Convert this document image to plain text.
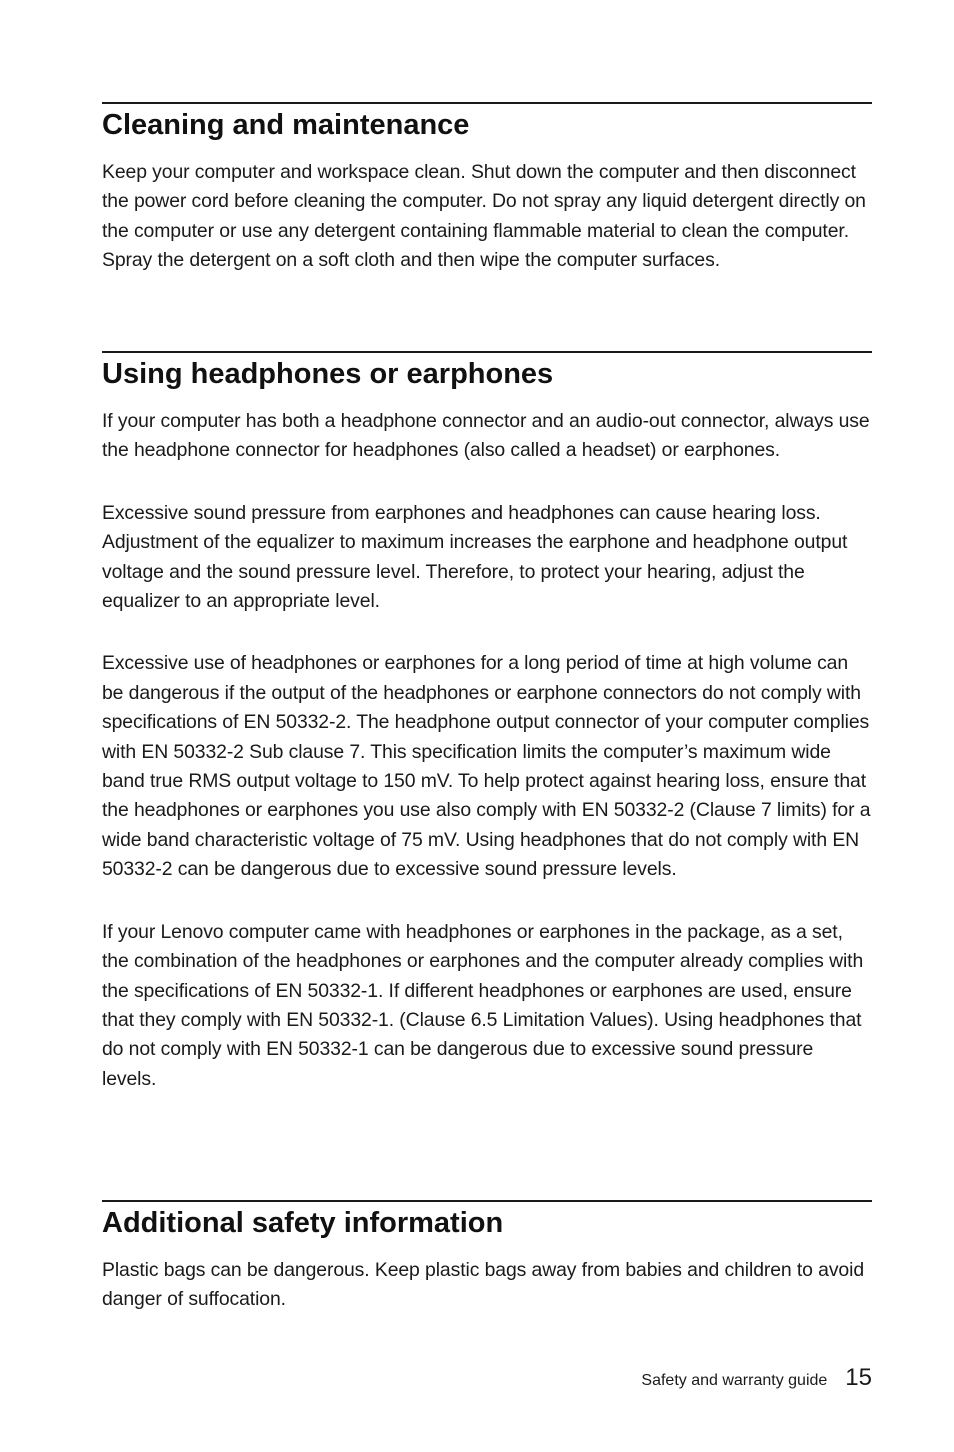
Cleaning and maintenance

Keep your computer and workspace clean. Shut down the computer and then disconnect the power cord before cleaning the computer. Do not spray any liquid detergent directly on the computer or use any detergent containing flammable material to clean the computer. Spray the detergent on a soft cloth and then wipe the computer surfaces.

Using headphones or earphones

If your computer has both a headphone connector and an audio-out connector, always use the headphone connector for headphones (also called a headset) or earphones.

Excessive sound pressure from earphones and headphones can cause hearing loss. Adjustment of the equalizer to maximum increases the earphone and headphone output voltage and the sound pressure level. Therefore, to protect your hearing, adjust the equalizer to an appropriate level.

Excessive use of headphones or earphones for a long period of time at high volume can be dangerous if the output of the headphones or earphone connectors do not comply with specifications of EN 50332-2. The headphone output connector of your computer complies with EN 50332-2 Sub clause 7. This specification limits the computer’s maximum wide band true RMS output voltage to 150 mV. To help protect against hearing loss, ensure that the headphones or earphones you use also comply with EN 50332-2 (Clause 7 limits) for a wide band characteristic voltage of 75 mV. Using headphones that do not comply with EN 50332-2 can be dangerous due to excessive sound pressure levels.

If your Lenovo computer came with headphones or earphones in the package, as a set, the combination of the headphones or earphones and the computer already complies with the specifications of EN 50332-1. If different headphones or earphones are used, ensure that they comply with EN 50332-1. (Clause 6.5 Limitation Values). Using headphones that do not comply with EN 50332-1 can be dangerous due to excessive sound pressure levels.

Additional safety information

Plastic bags can be dangerous. Keep plastic bags away from babies and children to avoid danger of suffocation.

Safety and warranty guide 15
